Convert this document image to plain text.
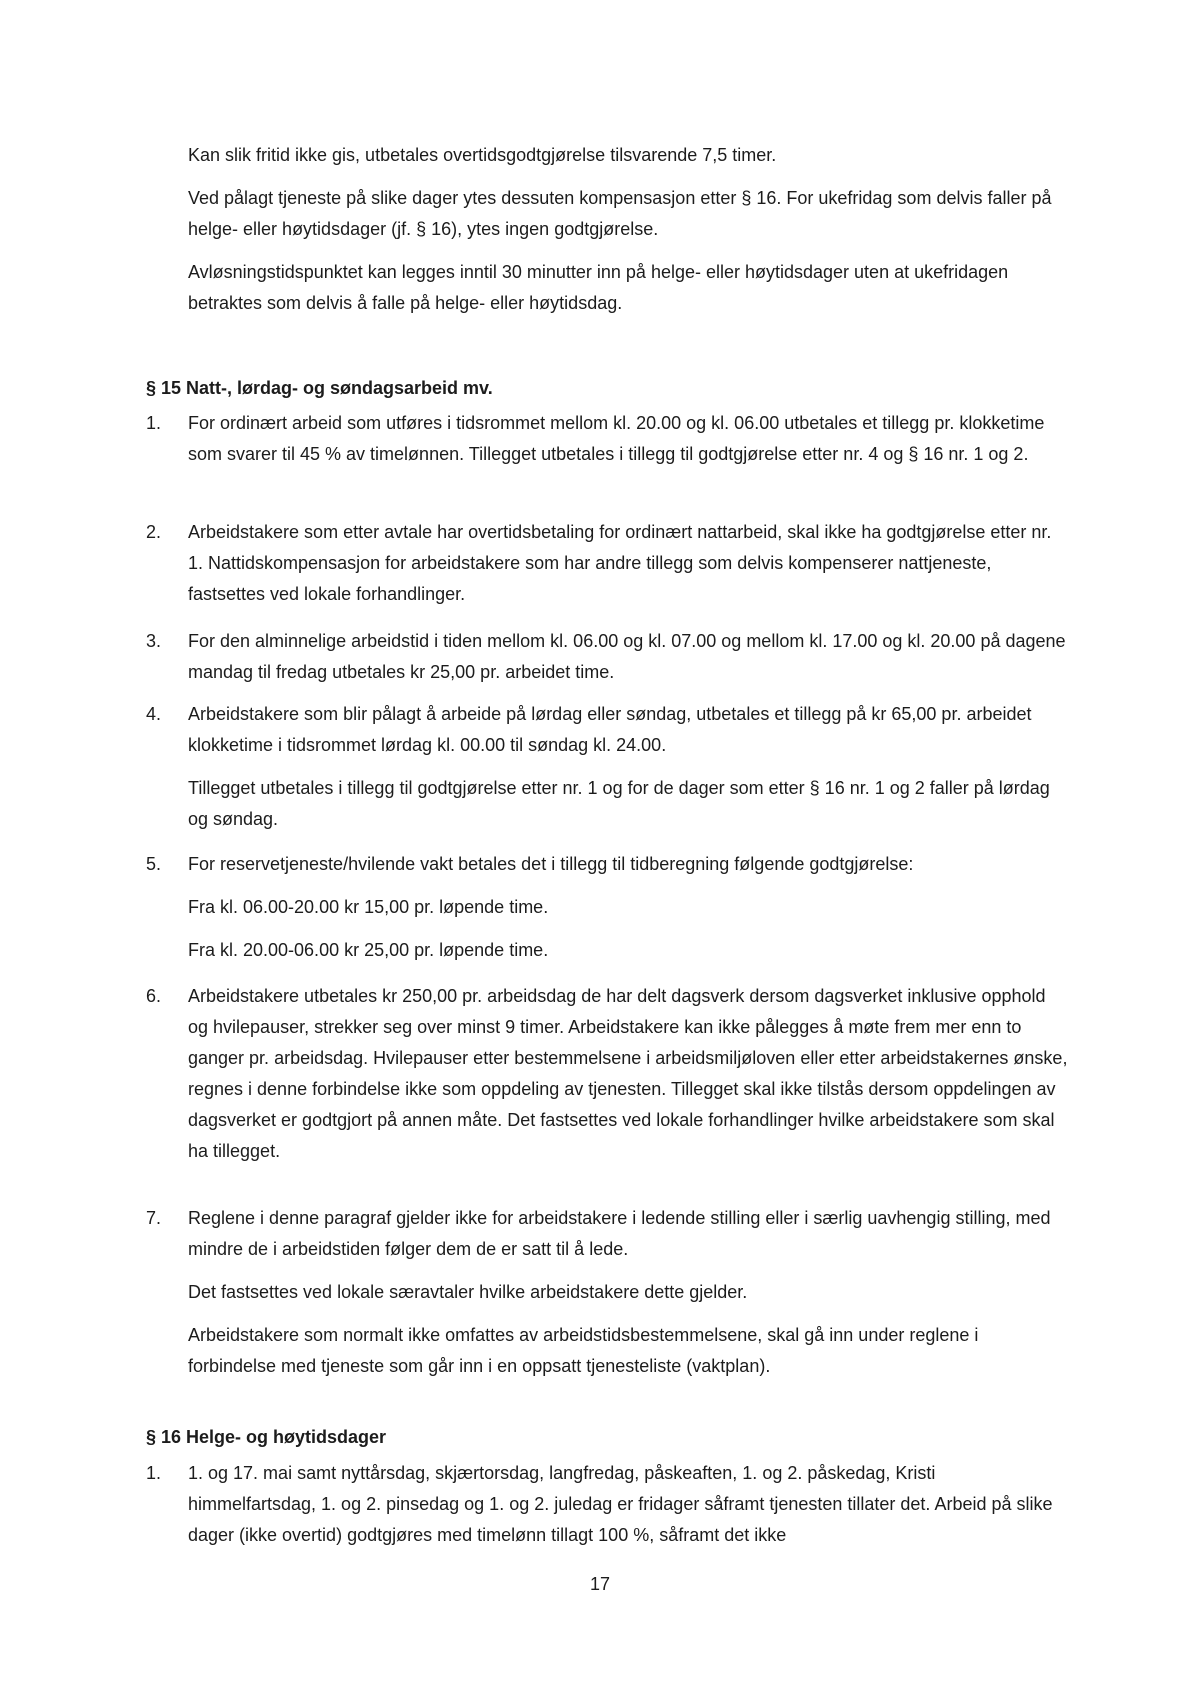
Kan slik fritid ikke gis, utbetales overtidsgodtgjørelse tilsvarende 7,5 timer.

Ved pålagt tjeneste på slike dager ytes dessuten kompensasjon etter § 16. For ukefridag som delvis faller på helge- eller høytidsdager (jf. § 16), ytes ingen godtgjørelse.

Avløsningstidspunktet kan legges inntil 30 minutter inn på helge- eller høytidsdager uten at ukefridagen betraktes som delvis å falle på helge- eller høytidsdag.

§ 15 Natt-, lørdag- og søndagsarbeid mv.
1.	For ordinært arbeid som utføres i tidsrommet mellom kl. 20.00 og kl. 06.00 utbetales et tillegg pr. klokketime som svarer til 45 % av timelønnen. Tillegget utbetales i tillegg til godtgjørelse etter nr. 4 og § 16 nr. 1 og 2.

2.	Arbeidstakere som etter avtale har overtidsbetaling for ordinært nattarbeid, skal ikke ha godtgjørelse etter nr. 1. Nattidskompensasjon for arbeidstakere som har andre tillegg som delvis kompenserer nattjeneste, fastsettes ved lokale forhandlinger.

3.	For den alminnelige arbeidstid i tiden mellom kl. 06.00 og kl. 07.00 og mellom kl. 17.00 og kl. 20.00 på dagene mandag til fredag utbetales kr 25,00 pr. arbeidet time.

4.	Arbeidstakere som blir pålagt å arbeide på lørdag eller søndag, utbetales et tillegg på kr 65,00 pr. arbeidet klokketime i tidsrommet lørdag kl. 00.00 til søndag kl. 24.00.

Tillegget utbetales i tillegg til godtgjørelse etter nr. 1 og for de dager som etter § 16 nr. 1 og 2 faller på lørdag og søndag.

5.	For reservetjeneste/hvilende vakt betales det i tillegg til tidberegning følgende godtgjørelse:

Fra kl. 06.00-20.00 kr 15,00 pr. løpende time.

Fra kl. 20.00-06.00 kr 25,00 pr. løpende time.

6.	Arbeidstakere utbetales kr 250,00 pr. arbeidsdag de har delt dagsverk dersom dagsverket inklusive opphold og hvilepauser, strekker seg over minst 9 timer. Arbeidstakere kan ikke pålegges å møte frem mer enn to ganger pr. arbeidsdag. Hvilepauser etter bestemmelsene i arbeidsmiljøloven eller etter arbeidstakernes ønske, regnes i denne forbindelse ikke som oppdeling av tjenesten. Tillegget skal ikke tilstås dersom oppdelingen av dagsverket er godtgjort på annen måte. Det fastsettes ved lokale forhandlinger hvilke arbeidstakere som skal ha tillegget.

7.	Reglene i denne paragraf gjelder ikke for arbeidstakere i ledende stilling eller i særlig uavhengig stilling, med mindre de i arbeidstiden følger dem de er satt til å lede.

Det fastsettes ved lokale særavtaler hvilke arbeidstakere dette gjelder.

Arbeidstakere som normalt ikke omfattes av arbeidstidsbestemmelsene, skal gå inn under reglene i forbindelse med tjeneste som går inn i en oppsatt tjenesteliste (vaktplan).

§ 16 Helge- og høytidsdager
1.	1. og 17. mai samt nyttårsdag, skjærtorsdag, langfredag, påskeaften, 1. og 2. påskedag, Kristi himmelfartsdag, 1. og 2. pinsedag og 1. og 2. juledag er fridager såframt tjenesten tillater det. Arbeid på slike dager (ikke overtid) godtgjøres med timelønn tillagt 100 %, såframt det ikke

17
